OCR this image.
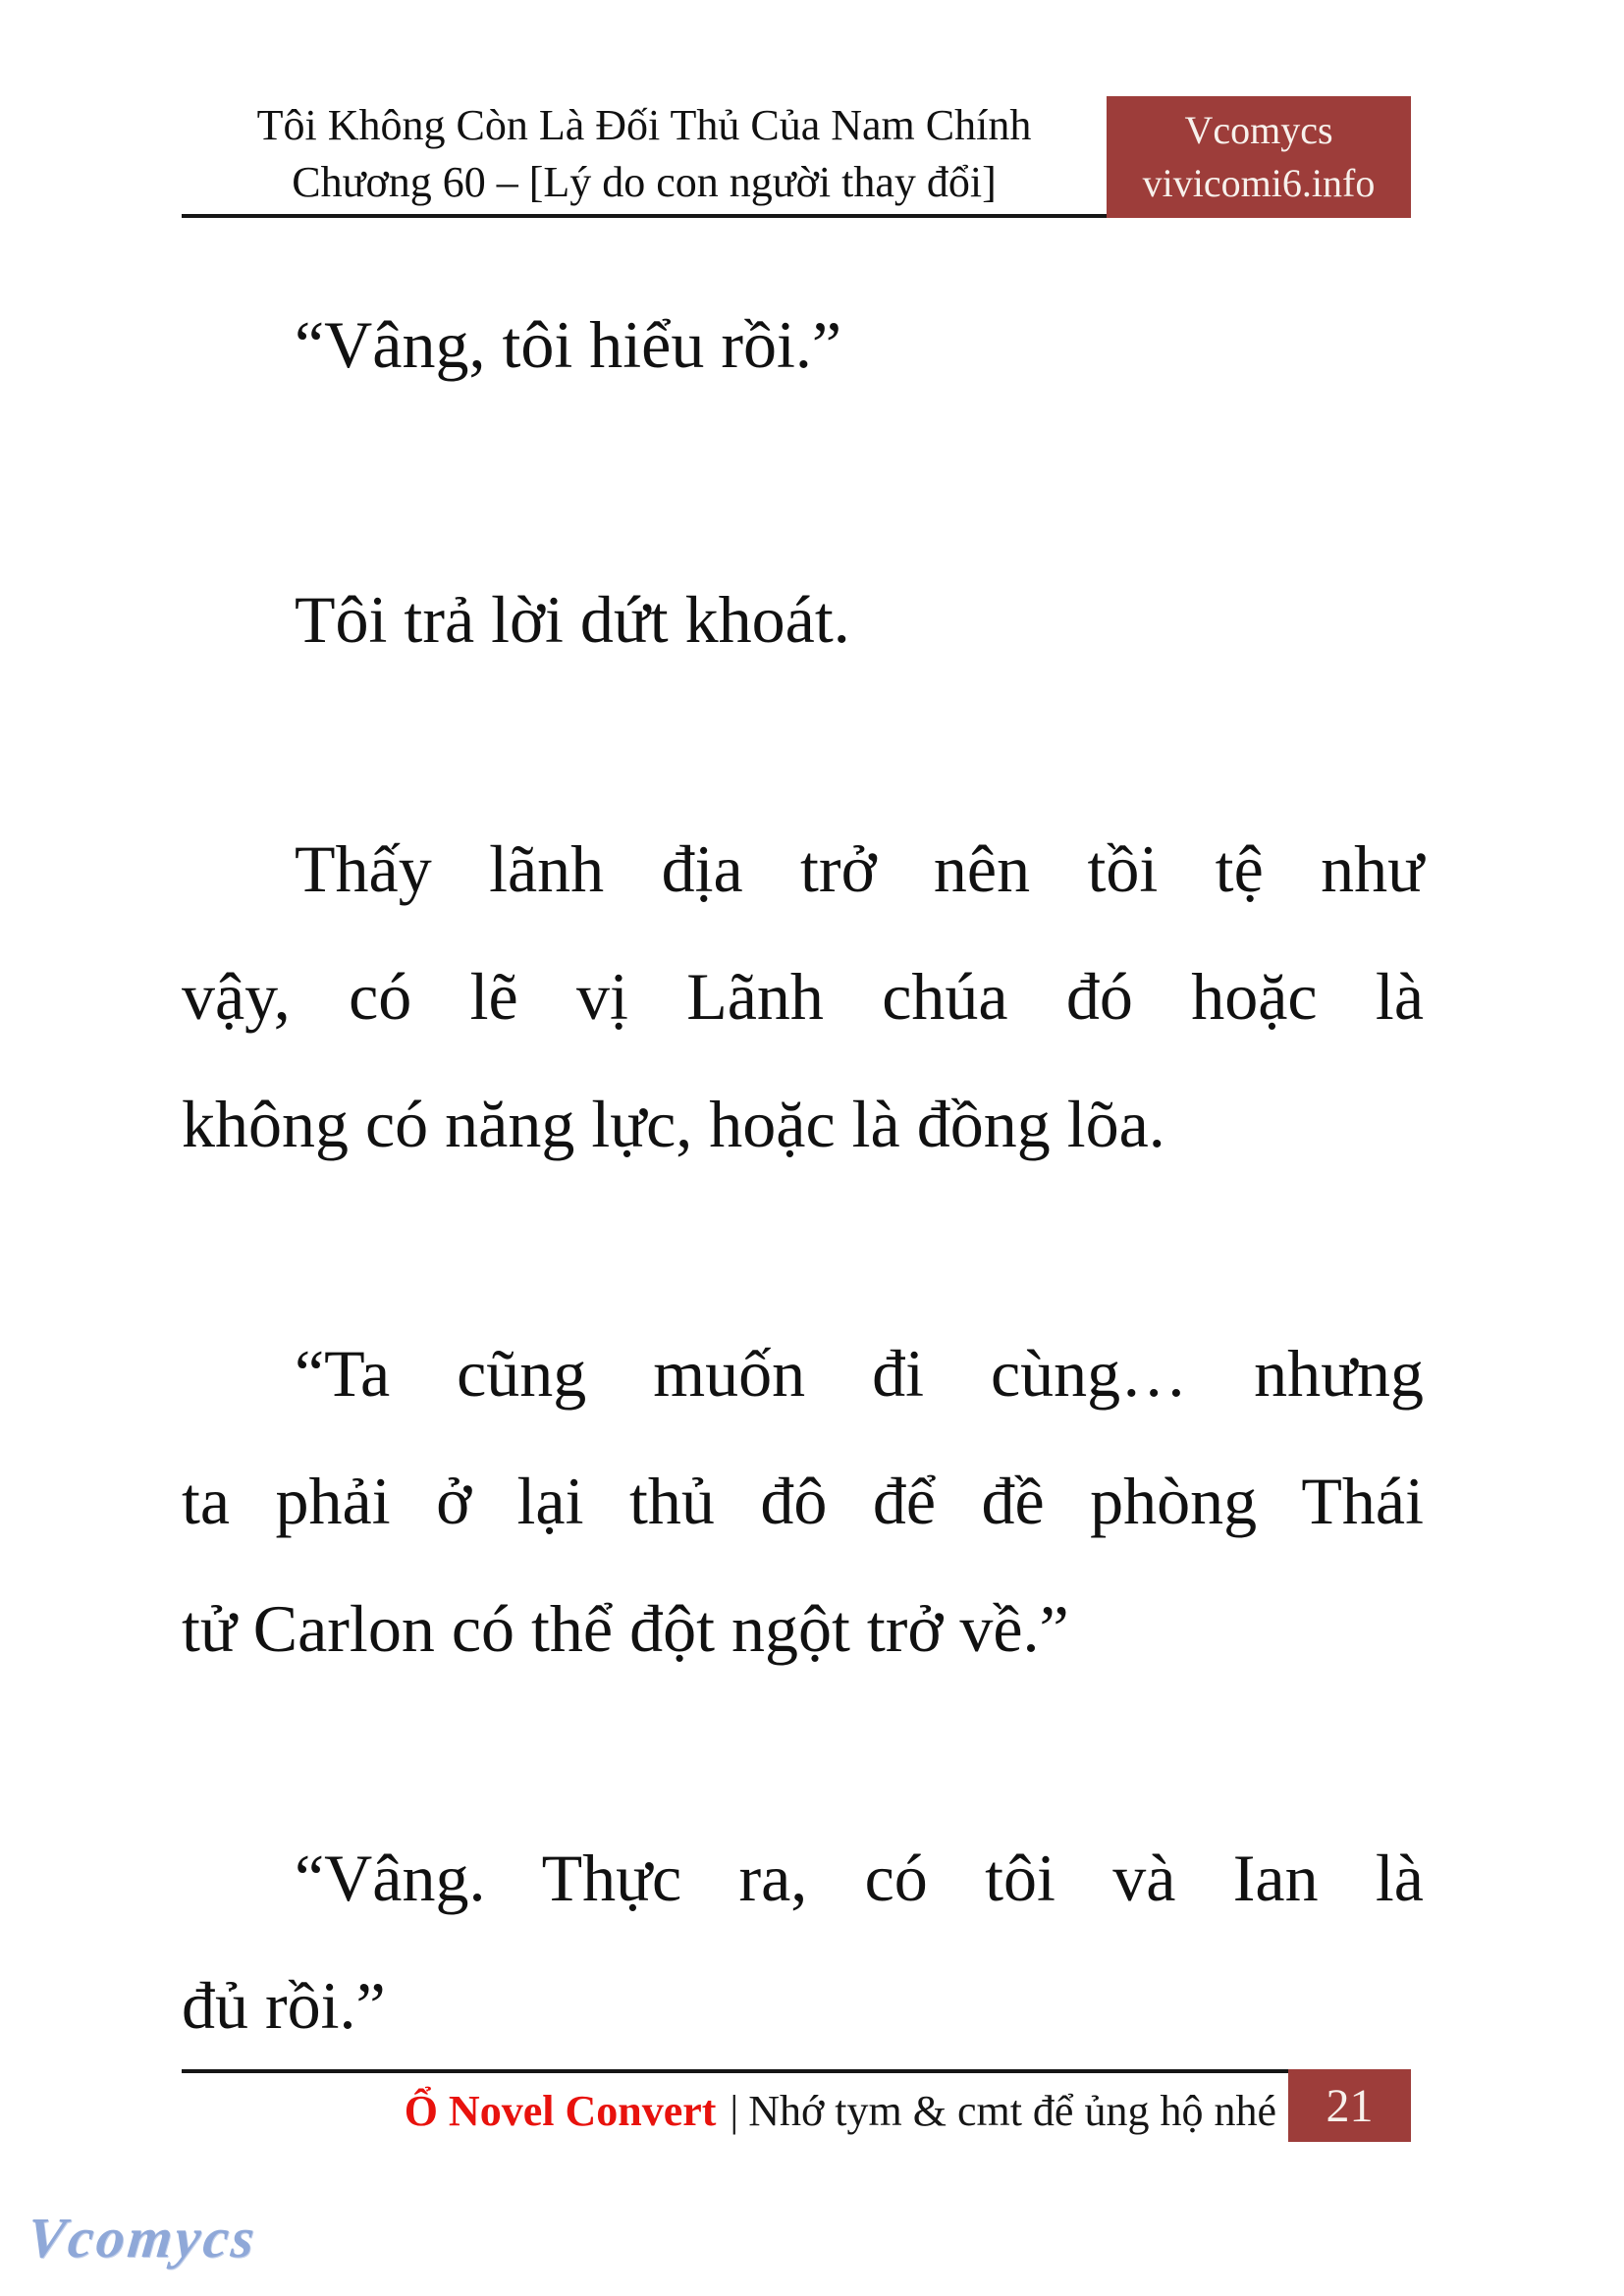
Tôi Không Còn Là Đối Thủ Của Nam Chính
Chương 60 – [Lý do con người thay đổi]
Vcomycs
vivicomi6.info
“Vâng, tôi hiểu rồi.”
Tôi trả lời dứt khoát.
Thấy lãnh địa trở nên tồi tệ như
vậy, có lẽ vị Lãnh chúa đó hoặc là
không có năng lực, hoặc là đồng lõa.
“Ta cũng muốn đi cùng… nhưng
ta phải ở lại thủ đô để đề phòng Thái
tử Carlon có thể đột ngột trở về.”
“Vâng. Thực ra, có tôi và Ian là
đủ rồi.”
Ổ Novel Convert | Nhớ tym & cmt để ủng hộ nhé 21
Vcomycs
